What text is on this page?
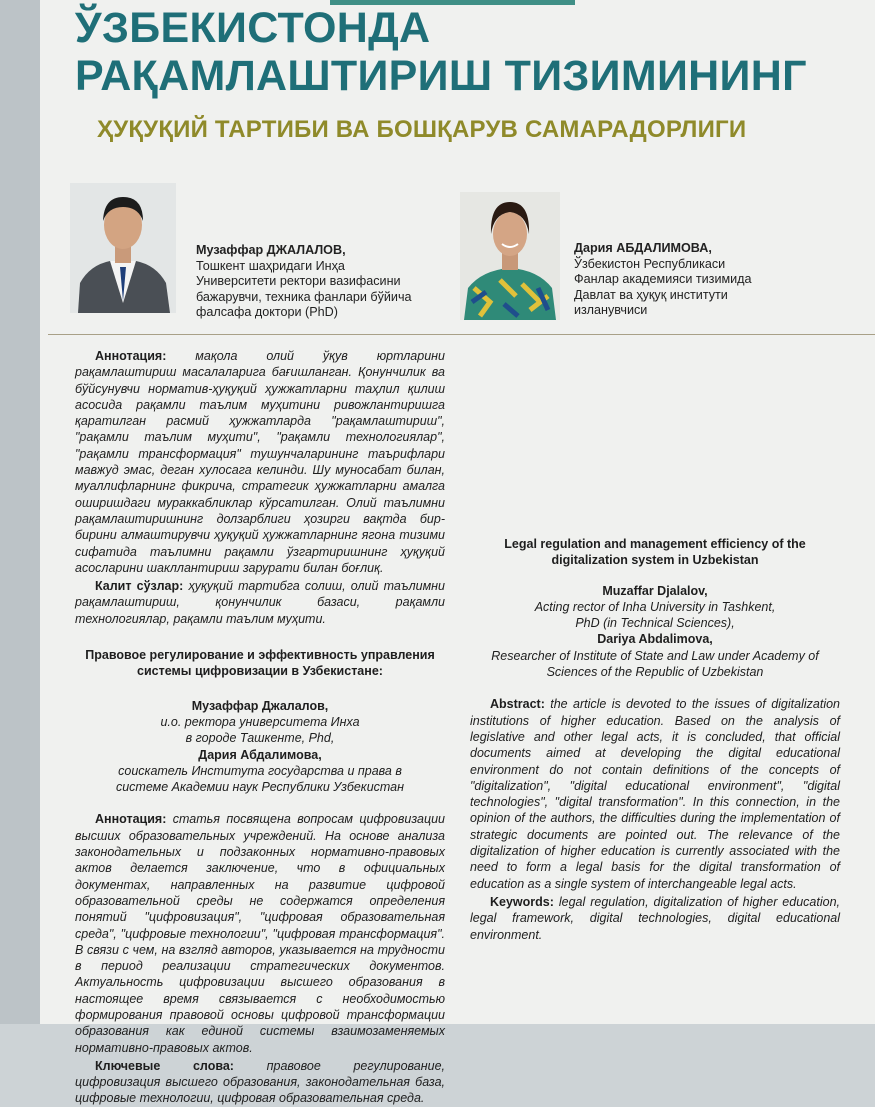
ЎЗБЕКИСТОНДА
РАҚАМЛАШТИРИШ ТИЗИМИНИНГ
ҲУҚУҚИЙ ТАРТИБИ ВА БОШҚАРУВ САМАРАДОРЛИГИ
Музаффар ДЖАЛАЛОВ,
Тошкент шаҳридаги Инҳа
Университети ректори вазифасини
бажарувчи, техника фанлари бўйича
фалсафа доктори (PhD)
Дария АБДАЛИМОВА,
Ўзбекистон Республикаси
Фанлар академияси тизимида
Давлат ва ҳуқуқ институти
изланувчиси

Аннотация: мақола олий ўқув юртларини рақамлаштириш масалаларига бағишланган. Қонунчилик ва бўйсунувчи норматив-ҳуқуқий ҳужжатларни таҳлил қилиш асосида рақамли таълим муҳитини ривожлантиришга қаратилган расмий ҳужжатларда "рақамлаштириш", "рақамли таълим муҳити", "рақамли технологиялар", "рақамли трансформация" тушунчаларининг таърифлари мавжуд эмас, деган хулосага келинди. Шу муносабат билан, муаллифларнинг фикрича, стратегик ҳужжатларни амалга оширишдаги мураккабликлар кўрсатилган. Олий таълимни рақамлаштиришнинг долзарблиги ҳозирги вақтда бир-бирини алмаштирувчи ҳуқуқий ҳужжатларнинг ягона тизими сифатида таълимни рақамли ўзгартиришнинг ҳуқуқий асосларини шакллантириш зарурати билан боғлиқ.

Калит сўзлар: ҳуқуқий тартибга солиш, олий таълимни рақамлаштириш, қонунчилик базаси, рақамли технологиялар, рақамли таълим муҳити.

Правовое регулирование и эффективность управления системы цифровизации в Узбекистане:

Музаффар Джалалов,
и.о. ректора университета Инха
в городе Ташкенте, Phd,
Дария Абдалимова,
соискатель Института государства и права в
системе Академии наук Республики Узбекистан

Аннотация: статья посвящена вопросам цифровизации высших образовательных учреждений. На основе анализа законодательных и подзаконных нормативно-правовых актов делается заключение, что в официальных документах, направленных на развитие цифровой образовательной среды не содержатся определения понятий "цифровизация", "цифровая образовательная среда", "цифровые технологии", "цифровая трансформация". В связи с чем, на взгляд авторов, указывается на трудности в период реализации стратегических документов. Актуальность цифровизации высшего образования в настоящее время связывается с необходимостью формирования правовой основы цифровой трансформации образования как единой системы взаимозаменяемых нормативно-правовых актов.

Ключевые слова: правовое регулирование, цифровизация высшего образования, законодательная база, цифровые технологии, цифровая образовательная среда.

Legal regulation and management efficiency of the digitalization system in Uzbekistan

Muzaffar Djalalov,
Acting rector of Inha University in Tashkent,
PhD (in Technical Sciences),
Dariya Abdalimova,
Researcher of Institute of State and Law under Academy of
Sciences of the Republic of Uzbekistan

Abstract: the article is devoted to the issues of digitalization institutions of higher education. Based on the analysis of legislative and other legal acts, it is concluded, that official documents aimed at developing the digital educational environment do not contain definitions of the concepts of "digitalization", "digital educational environment", "digital technologies", "digital transformation". In this connection, in the opinion of the authors, the difficulties during the implementation of strategic documents are pointed out. The relevance of the digitalization of higher education is currently associated with the need to form a legal basis for the digital transformation of education as a single system of interchangeable legal acts.

Keywords: legal regulation, digitalization of higher education, legal framework, digital technologies, digital educational environment.
